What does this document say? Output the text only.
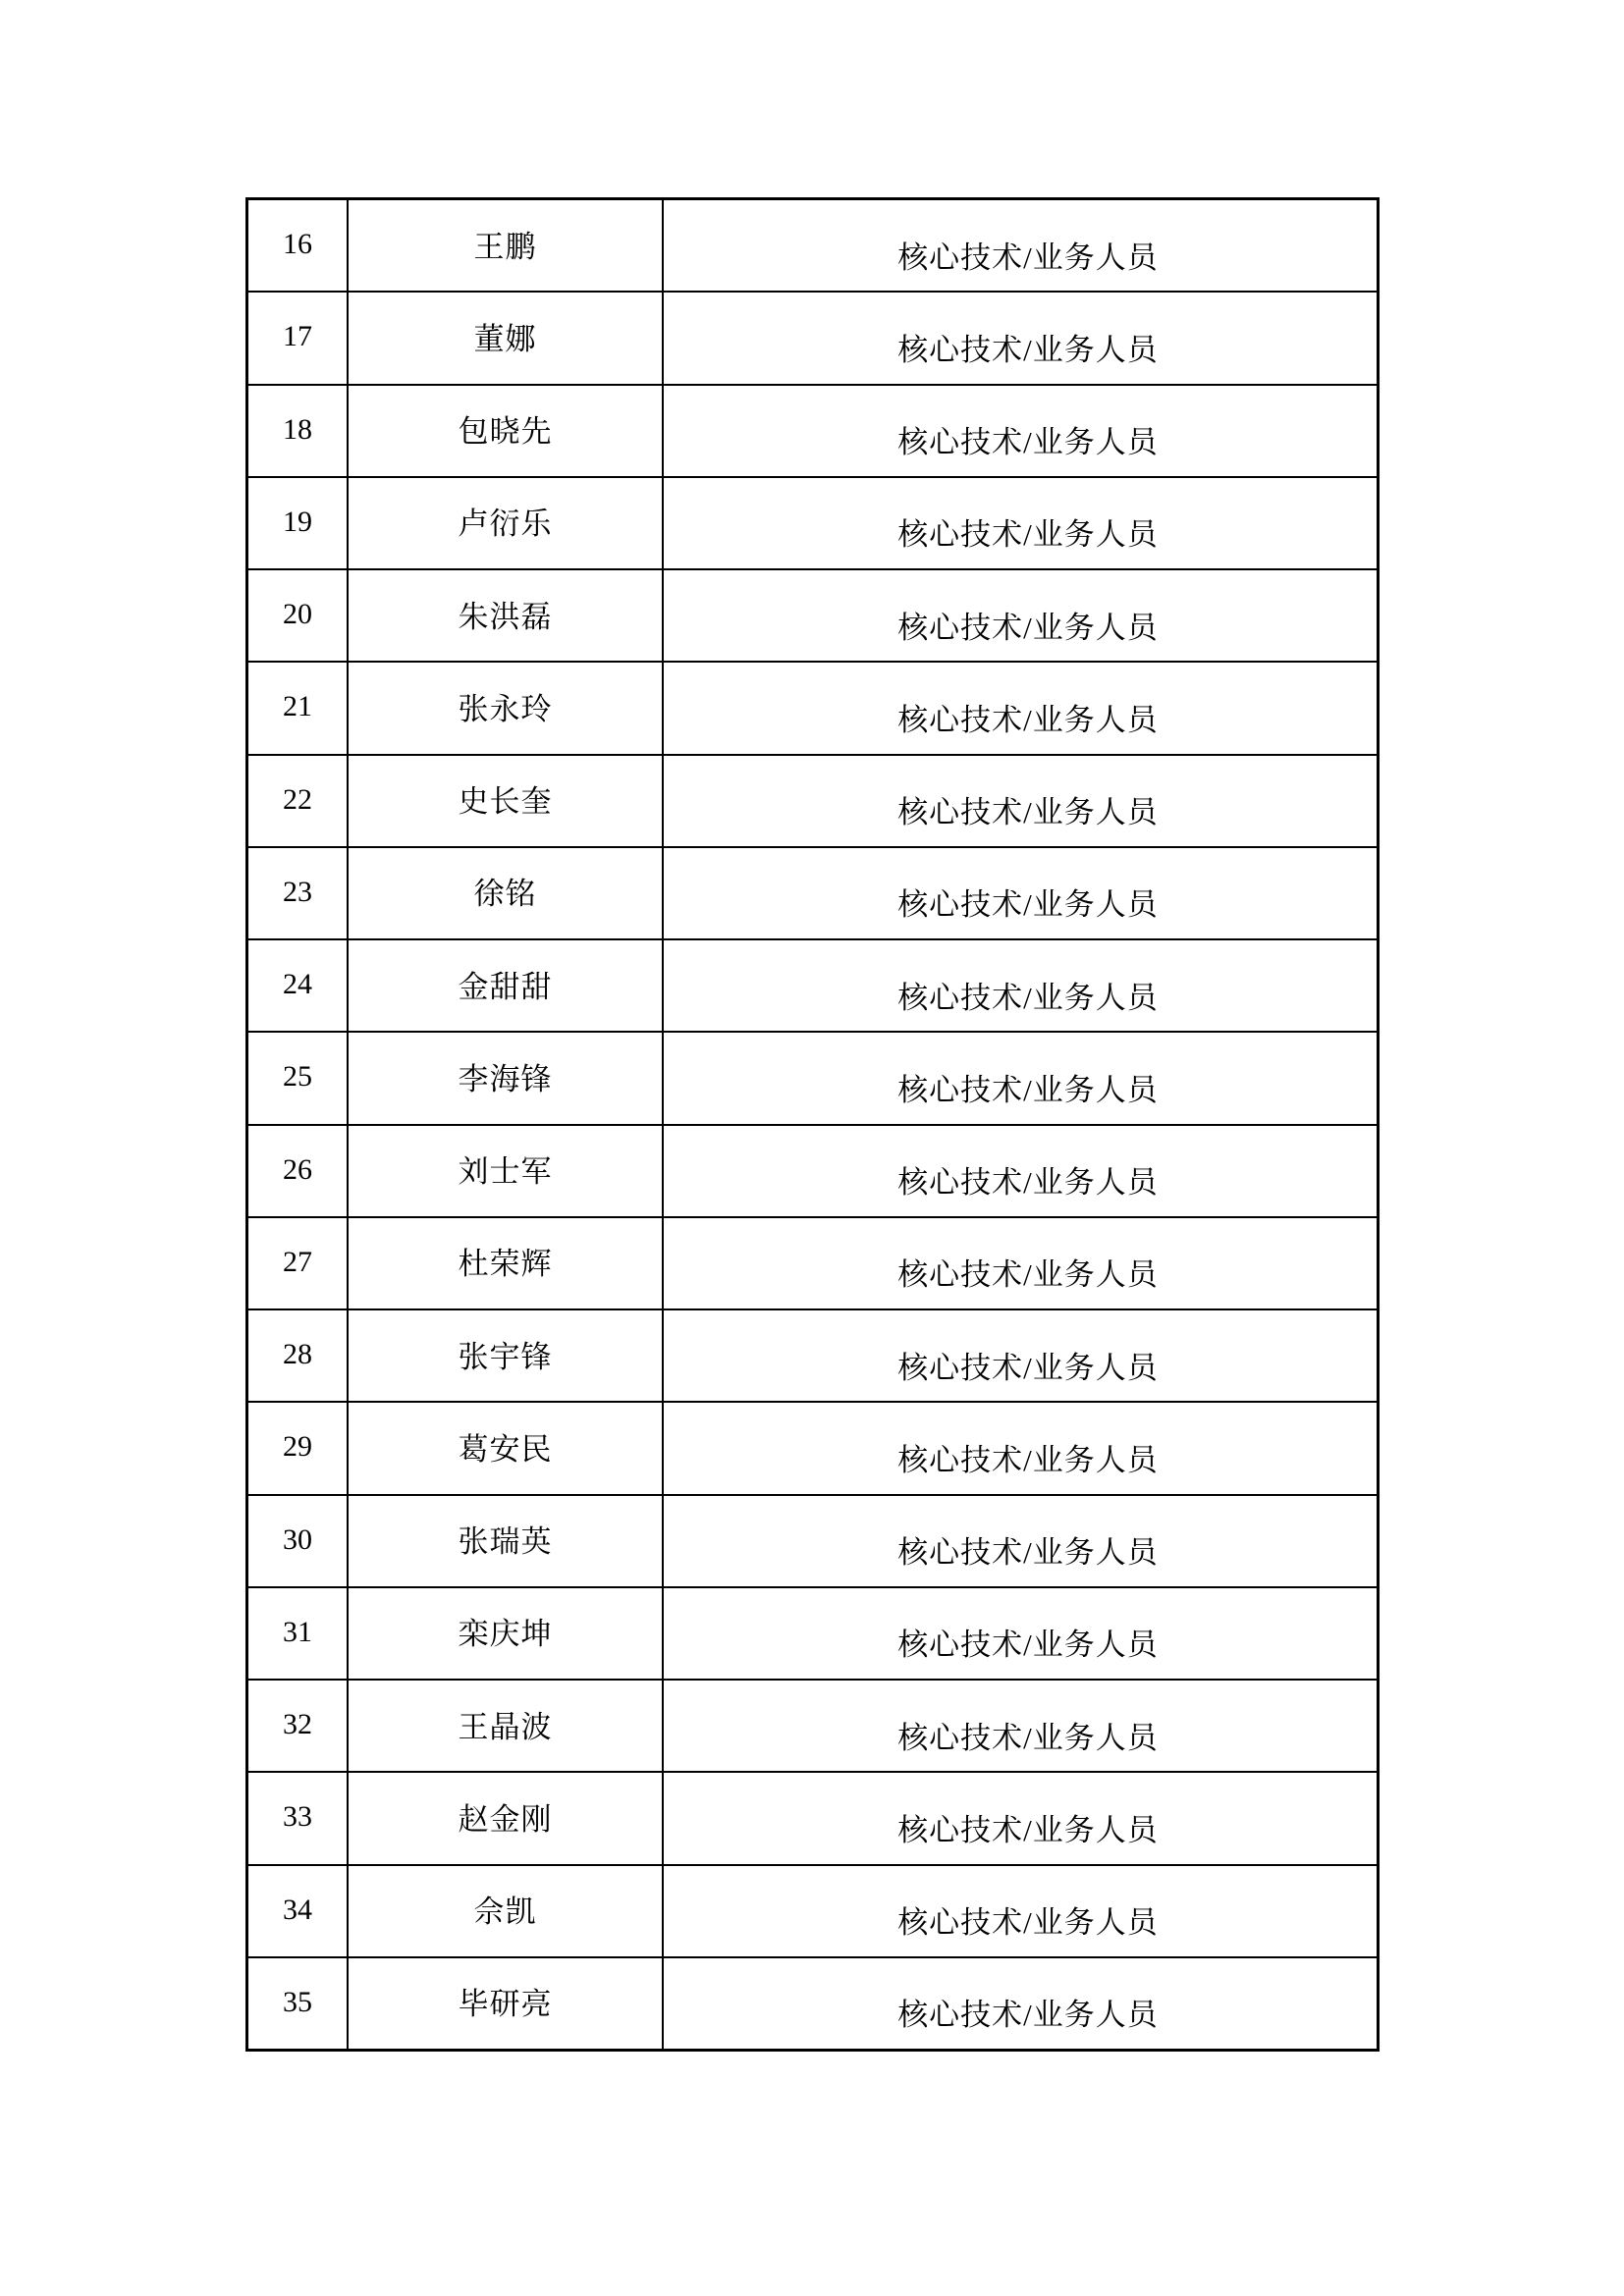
16	王鹏	核心技术/业务人员
17	董娜	核心技术/业务人员
18	包晓先	核心技术/业务人员
19	卢衍乐	核心技术/业务人员
20	朱洪磊	核心技术/业务人员
21	张永玲	核心技术/业务人员
22	史长奎	核心技术/业务人员
23	徐铭	核心技术/业务人员
24	金甜甜	核心技术/业务人员
25	李海锋	核心技术/业务人员
26	刘士军	核心技术/业务人员
27	杜荣辉	核心技术/业务人员
28	张宇锋	核心技术/业务人员
29	葛安民	核心技术/业务人员
30	张瑞英	核心技术/业务人员
31	栾庆坤	核心技术/业务人员
32	王晶波	核心技术/业务人员
33	赵金刚	核心技术/业务人员
34	佘凯	核心技术/业务人员
35	毕研亮	核心技术/业务人员
